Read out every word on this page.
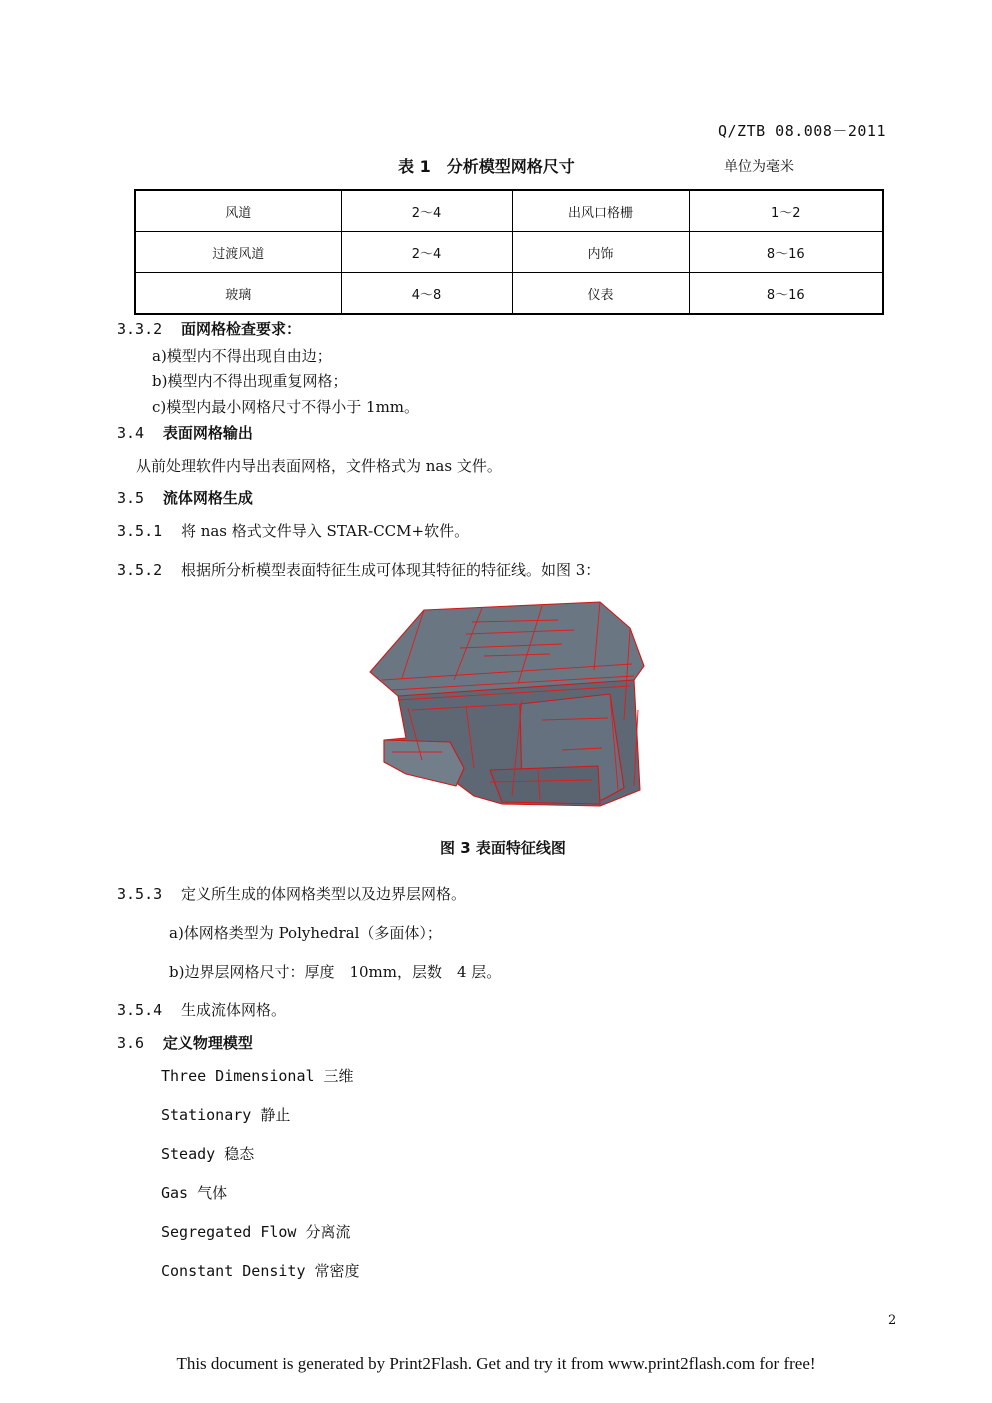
Q/ZTB 08.008－2011
表 1　分析模型网格尺寸	单位为毫米
风道	2～4	出风口格栅	1～2
过渡风道	2～4	内饰	8～16
玻璃	4～8	仪表	8～16
3.3.2 面网格检查要求：
a)模型内不得出现自由边；
b)模型内不得出现重复网格；
c)模型内最小网格尺寸不得小于 1mm。
3.4 表面网格输出
从前处理软件内导出表面网格，文件格式为 nas 文件。
3.5 流体网格生成
3.5.1 将 nas 格式文件导入 STAR-CCM+软件。
3.5.2 根据所分析模型表面特征生成可体现其特征的特征线。如图 3：
图 3 表面特征线图
3.5.3 定义所生成的体网格类型以及边界层网格。
a)体网格类型为 Polyhedral（多面体）；
b)边界层网格尺寸：厚度　10mm，层数　4 层。
3.5.4 生成流体网格。
3.6 定义物理模型
Three Dimensional 三维
Stationary 静止
Steady 稳态
Gas 气体
Segregated Flow 分离流
Constant Density 常密度
2
This document is generated by Print2Flash. Get and try it from www.print2flash.com for free!
